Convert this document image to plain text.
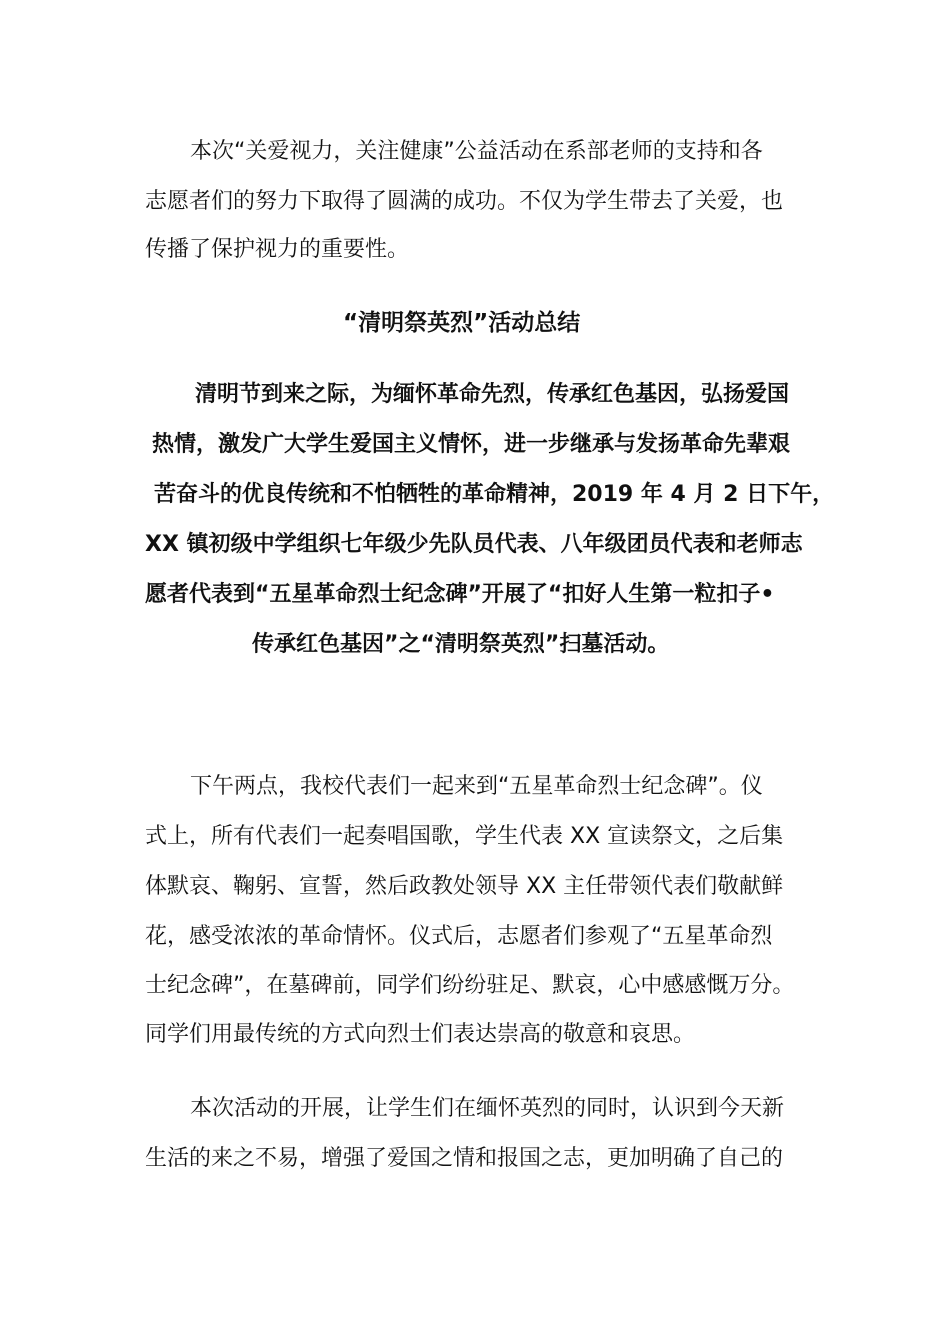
本次“关爱视力，关注健康”公益活动在系部老师的支持和各

志愿者们的努力下取得了圆满的成功。不仅为学生带去了关爱，也

传播了保护视力的重要性。

“清明祭英烈”活动总结

清明节到来之际，为缅怀革命先烈，传承红色基因，弘扬爱国

热情，激发广大学生爱国主义情怀，进一步继承与发扬革命先辈艰

苦奋斗的优良传统和不怕牺牲的革命精神，2019 年 4 月 2 日下午，

XX 镇初级中学组织七年级少先队员代表、八年级团员代表和老师志

愿者代表到“五星革命烈士纪念碑”开展了“扣好人生第一粒扣子•

传承红色基因”之“清明祭英烈”扫墓活动。

下午两点，我校代表们一起来到“五星革命烈士纪念碑”。仪

式上，所有代表们一起奏唱国歌，学生代表 XX 宣读祭文，之后集

体默哀、鞠躬、宣誓，然后政教处领导 XX 主任带领代表们敬献鲜

花，感受浓浓的革命情怀。仪式后，志愿者们参观了“五星革命烈

士纪念碑”，在墓碑前，同学们纷纷驻足、默哀，心中感感慨万分。

同学们用最传统的方式向烈士们表达崇高的敬意和哀思。

本次活动的开展，让学生们在缅怀英烈的同时，认识到今天新

生活的来之不易，增强了爱国之情和报国之志，更加明确了自己的
